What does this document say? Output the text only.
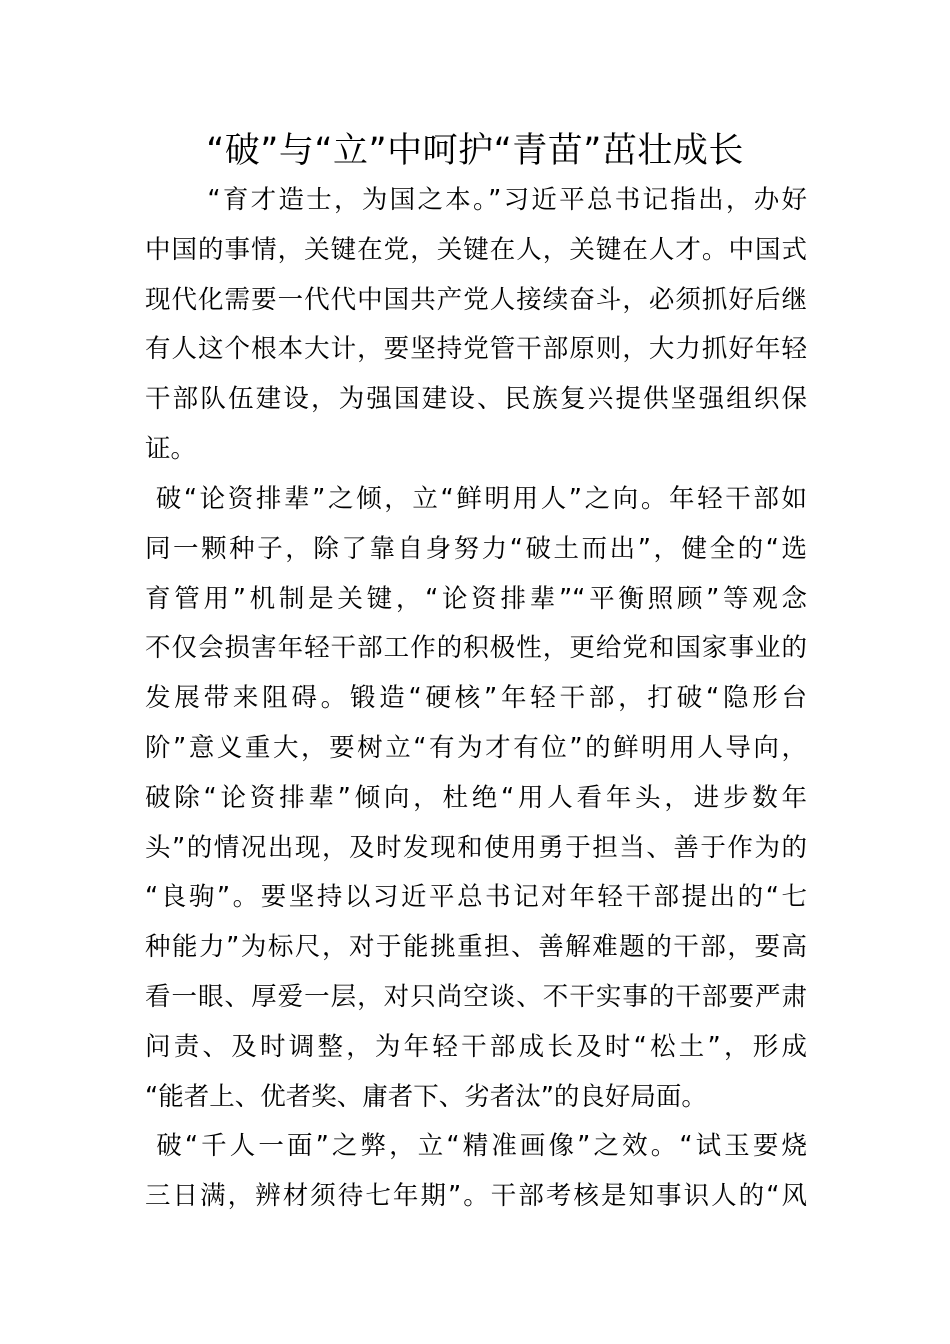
“破”与“立”中呵护“青苗”茁壮成长
“育才造士，为国之本。”习近平总书记指出，办好
中国的事情，关键在党，关键在人，关键在人才。中国式
现代化需要一代代中国共产党人接续奋斗，必须抓好后继
有人这个根本大计，要坚持党管干部原则，大力抓好年轻
干部队伍建设，为强国建设、民族复兴提供坚强组织保
证。
破“论资排辈”之倾，立“鲜明用人”之向。年轻干部如
同一颗种子，除了靠自身努力“破土而出”，健全的“选
育管用”机制是关键，“论资排辈”“平衡照顾”等观念
不仅会损害年轻干部工作的积极性，更给党和国家事业的
发展带来阻碍。锻造“硬核”年轻干部，打破“隐形台
阶”意义重大，要树立“有为才有位”的鲜明用人导向，
破除“论资排辈”倾向，杜绝“用人看年头，进步数年
头”的情况出现，及时发现和使用勇于担当、善于作为的
“良驹”。要坚持以习近平总书记对年轻干部提出的“七
种能力”为标尺，对于能挑重担、善解难题的干部，要高
看一眼、厚爱一层，对只尚空谈、不干实事的干部要严肃
问责、及时调整，为年轻干部成长及时“松土”，形成
“能者上、优者奖、庸者下、劣者汰”的良好局面。
破“千人一面”之弊，立“精准画像”之效。“试玉要烧
三日满，辨材须待七年期”。干部考核是知事识人的“风
